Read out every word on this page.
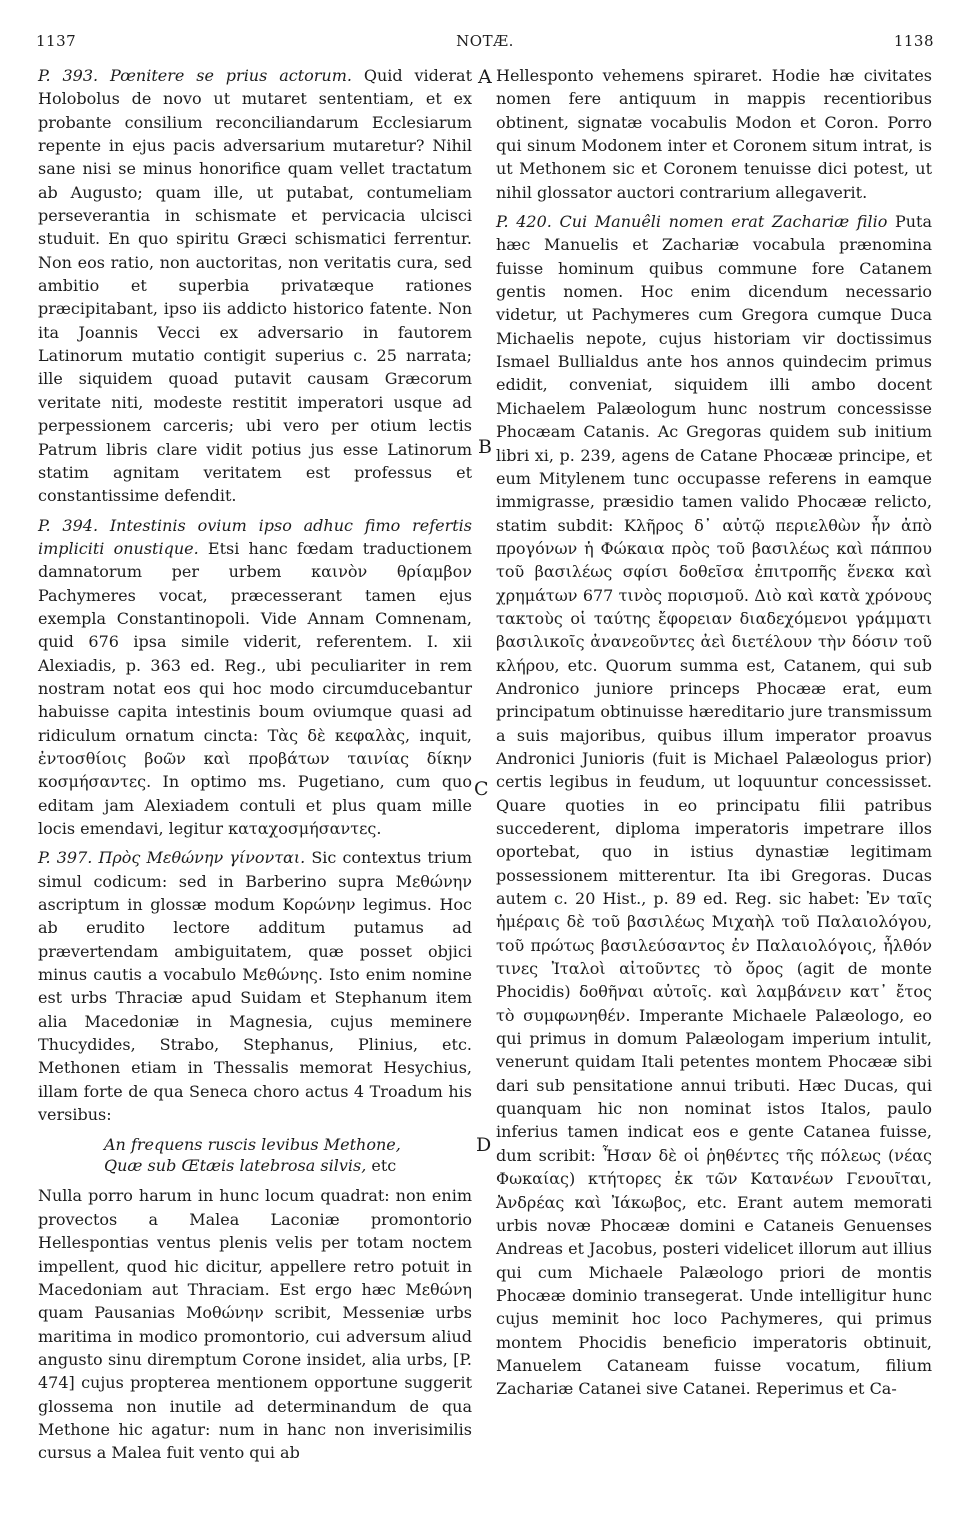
1137	NOTÆ.	1138

P. 393. Pœnitere se prius actorum. Quid viderat Holobolus de novo ut mutaret sententiam, et ex probante consilium reconciliandarum Ecclesiarum repente in ejus pacis adversarium mutaretur? Nihil sane nisi se minus honorifice quam vellet tractatum ab Augusto; quam ille, ut putabat, contumeliam perseverantia in schismate et pervicacia ulcisci studuit. En quo spiritu Græci schismatici ferrentur. Non eos ratio, non auctoritas, non veritatis cura, sed ambitio et superbia privatæque rationes præcipitabant, ipso iis addicto historico fatente. Non ita Joannis Vecci ex adversario in fautorem Latinorum mutatio contigit superius c. 25 narrata; ille siquidem quoad putavit causam Græcorum veritate niti, modeste restitit imperatori usque ad perpessionem carceris; ubi vero per otium lectis Patrum libris clare vidit potius jus esse Latinorum statim agnitam veritatem est professus et constantissime defendit.

P. 394. Intestinis ovium ipso adhuc fimo refertis impliciti onustique. Etsi hanc fœdam traductionem damnatorum per urbem καινὸν θρίαμβον Pachymeres vocat, præcesserant tamen ejus exempla Constantinopoli. Vide Annam Comnenam, quid 676 ipsa simile viderit, referentem. I. xii Alexiadis, p. 363 ed. Reg., ubi peculiariter in rem nostram notat eos qui hoc modo circumducebantur habuisse capita intestinis boum oviumque quasi ad ridiculum ornatum cincta: Τὰς δὲ κεφαλὰς, inquit, ἐντοσθίοις βοῶν καὶ προβάτων ταινίας δίκην κοσμήσαντες. In optimo ms. Pugetiano, cum quo editam jam Alexiadem contuli et plus quam mille locis emendavi, legitur καταχοσμήσαντες.

P. 397. Πρὸς Μεθώνην γίνονται. Sic contextus trium simul codicum: sed in Barberino supra Μεθώνην ascriptum in glossæ modum Κορώνην legimus. Hoc ab erudito lectore additum putamus ad prævertendam ambiguitatem, quæ posset objici minus cautis a vocabulo Μεθώνης. Isto enim nomine est urbs Thraciæ apud Suidam et Stephanum item alia Macedoniæ in Magnesia, cujus meminere Thucydides, Strabo, Stephanus, Plinius, etc. Methonen etiam in Thessalis memorat Hesychius, illam forte de qua Seneca choro actus 4 Troadum his versibus:

An frequens ruscis levibus Methone,
Quæ sub Œtæis latebrosa silvis, etc

Nulla porro harum in hunc locum quadrat: non enim provectos a Malea Laconiæ promontorio Hellespontias ventus plenis velis per totam noctem impellent, quod hic dicitur, appellere retro potuit in Macedoniam aut Thraciam. Est ergo hæc Μεθώνη quam Pausanias Μοθώνην scribit, Messeniæ urbs maritima in modico promontorio, cui adversum aliud angusto sinu diremptum Corone insidet, alia urbs, [P. 474] cujus propterea mentionem opportune suggerit glossema non inutile ad determinandum de qua Methone hic agatur: num in hanc non inverisimilis cursus a Malea fuit vento qui ab

Hellesponto vehemens spiraret. Hodie hæ civitates nomen fere antiquum in mappis recentioribus obtinent, signatæ vocabulis Modon et Coron. Porro qui sinum Modonem inter et Coronem situm intrat, is ut Methonem sic et Coronem tenuisse dici potest, ut nihil glossator auctori contrarium allegaverit.

P. 420. Cui Manuêli nomen erat Zachariæ filio Puta hæc Manuelis et Zachariæ vocabula prænomina fuisse hominum quibus commune fore Catanem gentis nomen. Hoc enim dicendum necessario videtur, ut Pachymeres cum Gregora cumque Duca Michaelis nepote, cujus historiam vir doctissimus Ismael Bullialdus ante hos annos quindecim primus edidit, conveniat, siquidem illi ambo docent Michaelem Palæologum hunc nostrum concessisse Phocæam Catanis. Ac Gregoras quidem sub initium libri xi, p. 239, agens de Catane Phocææ principe, et eum Mitylenem tunc occupasse referens in eamque immigrasse, præsidio tamen valido Phocææ relicto, statim subdit: Κλῆρος δ᾽ αὐτῷ περιελθὼν ἦν ἀπὸ προγόνων ἡ Φώκαια πρὸς τοῦ βασιλέως καὶ πάππου τοῦ βασιλέως σφίσι δοθεῖσα ἐπιτροπῆς ἕνεκα καὶ χρημάτων 677 τινὸς πορισμοῦ. Διὸ καὶ κατὰ χρόνους τακτοὺς οἱ ταύτης ἔφορειαν διαδεχόμενοι γράμματι βασιλικοῖς ἀνανεοῦντες ἀεὶ διετέλουν τὴν δόσιν τοῦ κλήρου, etc. Quorum summa est, Catanem, qui sub Andronico juniore princeps Phocææ erat, eum principatum obtinuisse hæreditario jure transmissum a suis majoribus, quibus illum imperator proavus Andronici Junioris (fuit is Michael Palæologus prior) certis legibus in feudum, ut loquuntur concessisset. Quare quoties in eo principatu filii patribus succederent, diploma imperatoris impetrare illos oportebat, quo in istius dynastiæ legitimam possessionem mitterentur. Ita ibi Gregoras. Ducas autem c. 20 Hist., p. 89 ed. Reg. sic habet: Ἐν ταῖς ἡμέραις δὲ τοῦ βασιλέως Μιχαὴλ τοῦ Παλαιολόγου, τοῦ πρώτως βασιλεύσαντος ἐν Παλαιολόγοις, ἦλθόν τινες Ἰταλοὶ αἰτοῦντες τὸ ὄρος (agit de monte Phocidis) δοθῆναι αὐτοῖς. καὶ λαμβάνειν κατ᾽ ἔτος τὸ συμφωνηθέν. Imperante Michaele Palæologo, eo qui primus in domum Palæologam imperium intulit, venerunt quidam Itali petentes montem Phocææ sibi dari sub pensitatione annui tributi. Hæc Ducas, qui quanquam hic non nominat istos Italos, paulo inferius tamen indicat eos e gente Catanea fuisse, dum scribit: Ἦσαν δὲ οἱ ῥηθέντες τῆς πόλεως (νέας Φωκαίας) κτήτορες ἐκ τῶν Κατανέων Γενουῖται, Ἀνδρέας καὶ Ἰάκωβος, etc. Erant autem memorati urbis novæ Phocææ domini e Cataneis Genuenses Andreas et Jacobus, posteri videlicet illorum aut illius qui cum Michaele Palæologo priori de montis Phocææ dominio transegerat. Unde intelligitur hunc cujus meminit hoc loco Pachymeres, qui primus montem Phocidis beneficio imperatoris obtinuit, Manuelem Cataneam fuisse vocatum, filium Zachariæ Catanei sive Catanei. Reperimus et Ca-

A
B
C
D
